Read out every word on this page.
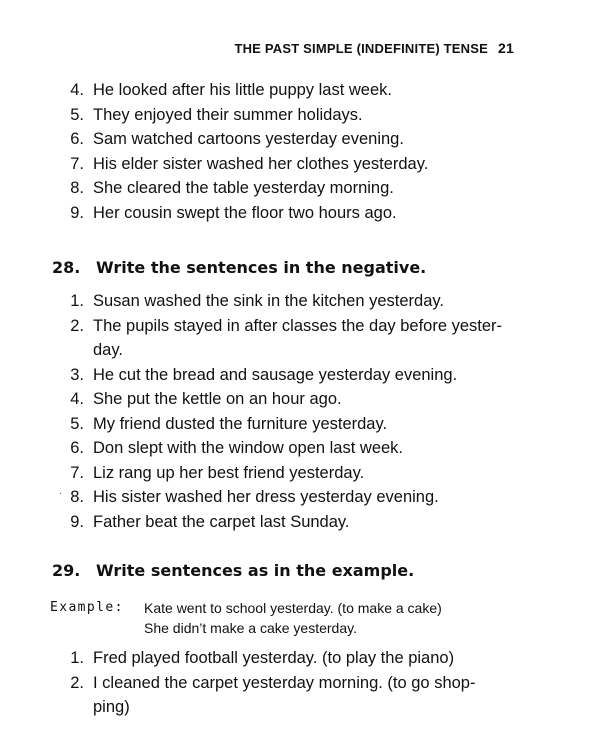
THE PAST SIMPLE (INDEFINITE) TENSE 21
4. He looked after his little puppy last week.
5. They enjoyed their summer holidays.
6. Sam watched cartoons yesterday evening.
7. His elder sister washed her clothes yesterday.
8. She cleared the table yesterday morning.
9. Her cousin swept the floor two hours ago.
28. Write the sentences in the negative.
1. Susan washed the sink in the kitchen yesterday.
2. The pupils stayed in after classes the day before yester-
day.
3. He cut the bread and sausage yesterday evening.
4. She put the kettle on an hour ago.
5. My friend dusted the furniture yesterday.
6. Don slept with the window open last week.
7. Liz rang up her best friend yesterday.
8. His sister washed her dress yesterday evening.
9. Father beat the carpet last Sunday.
·
29. Write sentences as in the example.
Example: Kate went to school yesterday. (to make a cake)
She didn’t make a cake yesterday.
1. Fred played football yesterday. (to play the piano)
2. I cleaned the carpet yesterday morning. (to go shop-
ping)
